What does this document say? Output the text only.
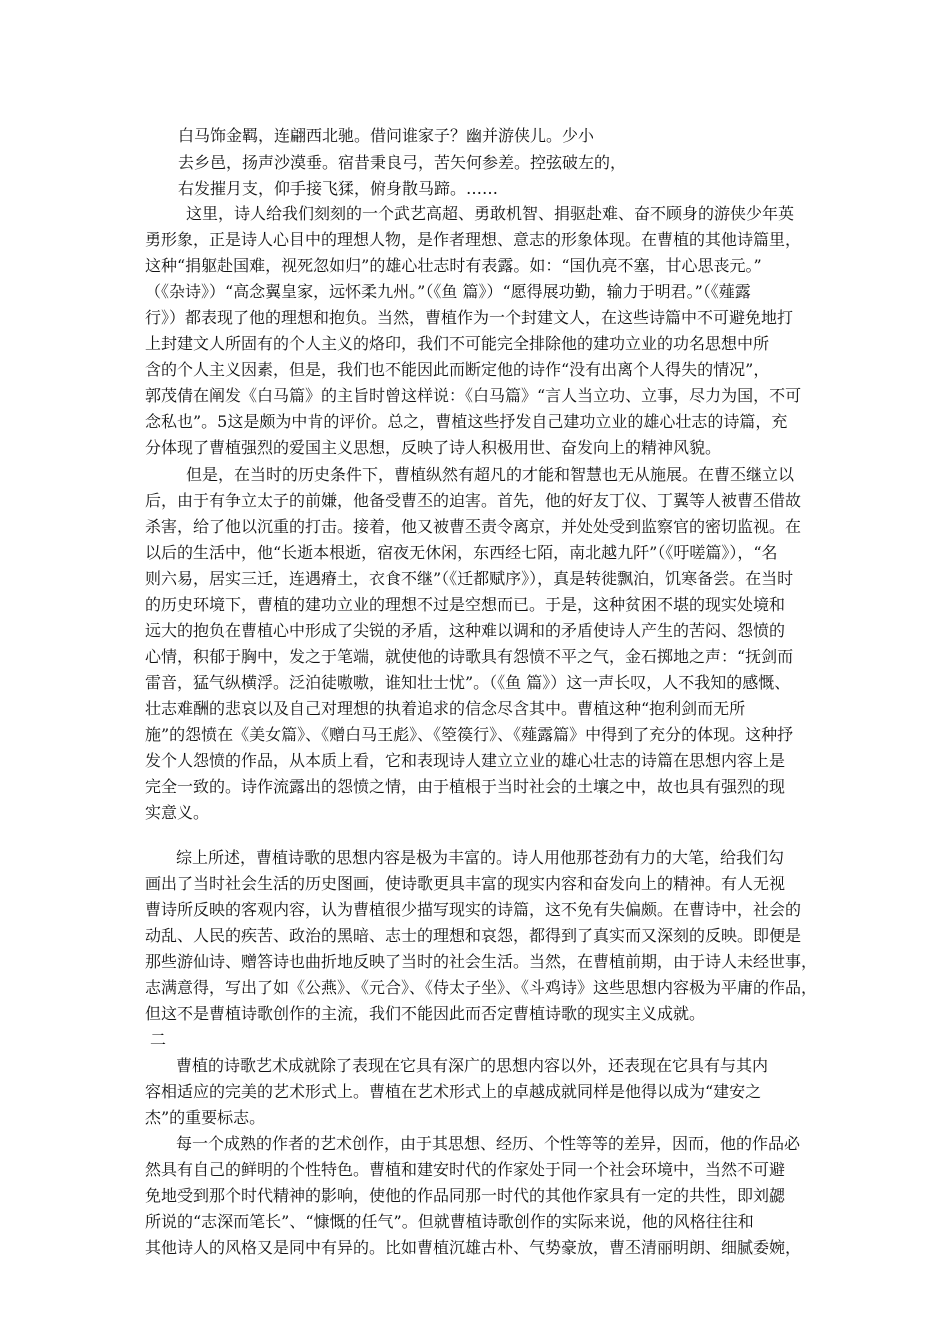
白马饰金羁，连翩西北驰。借问谁家子？幽并游侠儿。少小
去乡邑，扬声沙漠垂。宿昔秉良弓，苦矢何参差。控弦破左的，
右发摧月支，仰手接飞猱，俯身散马蹄。……
这里，诗人给我们刻刻的一个武艺高超、勇敢机智、捐驱赴难、奋不顾身的游侠少年英
勇形象，正是诗人心目中的理想人物，是作者理想、意志的形象体现。在曹植的其他诗篇里，
这种“捐躯赴国难，视死忽如归”的雄心壮志时有表露。如：“国仇亮不塞，甘心思丧元。”
（《杂诗》）“高念翼皇家，远怀柔九州。”（《鱼 篇》）“愿得展功勤，输力于明君。”（《薤露
行》）都表现了他的理想和抱负。当然，曹植作为一个封建文人，在这些诗篇中不可避免地打
上封建文人所固有的个人主义的烙印，我们不可能完全排除他的建功立业的功名思想中所
含的个人主义因素，但是，我们也不能因此而断定他的诗作“没有出离个人得失的情况”，
郭茂倩在阐发《白马篇》的主旨时曾这样说：《白马篇》“言人当立功、立事，尽力为国，不可
念私也”。5这是颇为中肯的评价。总之，曹植这些抒发自己建功立业的雄心壮志的诗篇，充
分体现了曹植强烈的爱国主义思想，反映了诗人积极用世、奋发向上的精神风貌。
但是，在当时的历史条件下，曹植纵然有超凡的才能和智慧也无从施展。在曹丕继立以
后，由于有争立太子的前嫌，他备受曹丕的迫害。首先，他的好友丁仪、丁翼等人被曹丕借故
杀害，给了他以沉重的打击。接着，他又被曹丕责令离京，并处处受到监察官的密切监视。在
以后的生活中，他“长逝本根逝，宿夜无休闲，东西经七陌，南北越九阡”（《吁嗟篇》），“名
则六易，居实三迁，连遇瘠土，衣食不继”（《迁都赋序》），真是转徙飘泊，饥寒备尝。在当时
的历史环境下，曹植的建功立业的理想不过是空想而已。于是，这种贫困不堪的现实处境和
远大的抱负在曹植心中形成了尖锐的矛盾，这种难以调和的矛盾使诗人产生的苦闷、怨愤的
心情，积郁于胸中，发之于笔端，就使他的诗歌具有怨愤不平之气，金石掷地之声：“抚剑而
雷音，猛气纵横浮。泛泊徒嗷嗷，谁知壮士忧”。（《鱼 篇》）这一声长叹，人不我知的感慨、
壮志难酬的悲哀以及自己对理想的执着追求的信念尽含其中。曹植这种“抱利剑而无所
施”的怨愤在《美女篇》、《赠白马王彪》、《箜篌行》、《薤露篇》中得到了充分的体现。这种抒
发个人怨愤的作品，从本质上看，它和表现诗人建立立业的雄心壮志的诗篇在思想内容上是
完全一致的。诗作流露出的怨愤之情，由于植根于当时社会的土壤之中，故也具有强烈的现
实意义。
综上所述，曹植诗歌的思想内容是极为丰富的。诗人用他那苍劲有力的大笔，给我们勾
画出了当时社会生活的历史图画，使诗歌更具丰富的现实内容和奋发向上的精神。有人无视
曹诗所反映的客观内容，认为曹植很少描写现实的诗篇，这不免有失偏颇。在曹诗中，社会的
动乱、人民的疾苦、政治的黑暗、志士的理想和哀怨，都得到了真实而又深刻的反映。即便是
那些游仙诗、赠答诗也曲折地反映了当时的社会生活。当然，在曹植前期，由于诗人未经世事，
志满意得，写出了如《公燕》、《元合》、《侍太子坐》、《斗鸡诗》这些思想内容极为平庸的作品，
但这不是曹植诗歌创作的主流，我们不能因此而否定曹植诗歌的现实主义成就。
二
曹植的诗歌艺术成就除了表现在它具有深广的思想内容以外，还表现在它具有与其内
容相适应的完美的艺术形式上。曹植在艺术形式上的卓越成就同样是他得以成为“建安之
杰”的重要标志。
每一个成熟的作者的艺术创作，由于其思想、经历、个性等等的差异，因而，他的作品必
然具有自己的鲜明的个性特色。曹植和建安时代的作家处于同一个社会环境中，当然不可避
免地受到那个时代精神的影响，使他的作品同那一时代的其他作家具有一定的共性，即刘勰
所说的“志深而笔长”、“慷慨的任气”。但就曹植诗歌创作的实际来说，他的风格往往和
其他诗人的风格又是同中有异的。比如曹植沉雄古朴、气势豪放，曹丕清丽明朗、细腻委婉，
